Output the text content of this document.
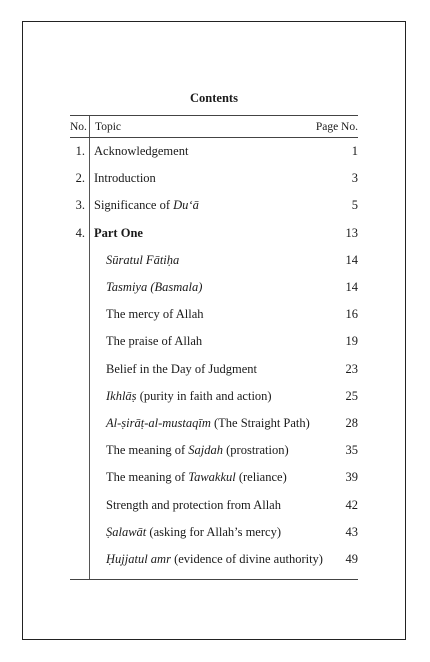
Contents
No. Topic	Page No.
1. Acknowledgement	1
2. Introduction	3
3. Significance of Du‘ā	5
4. Part One	13
Sūratul Fātiḥa	14
Tasmiya (Basmala)	14
The mercy of Allah	16
The praise of Allah	19
Belief in the Day of Judgment	23
Ikhlāṣ (purity in faith and action)	25
Al-ṣirāṭ-al-mustaqīm (The Straight Path)	28
The meaning of Sajdah (prostration)	35
The meaning of Tawakkul (reliance)	39
Strength and protection from Allah	42
Ṣalawāt (asking for Allah’s mercy)	43
Ḥujjatul amr (evidence of divine authority)	49
